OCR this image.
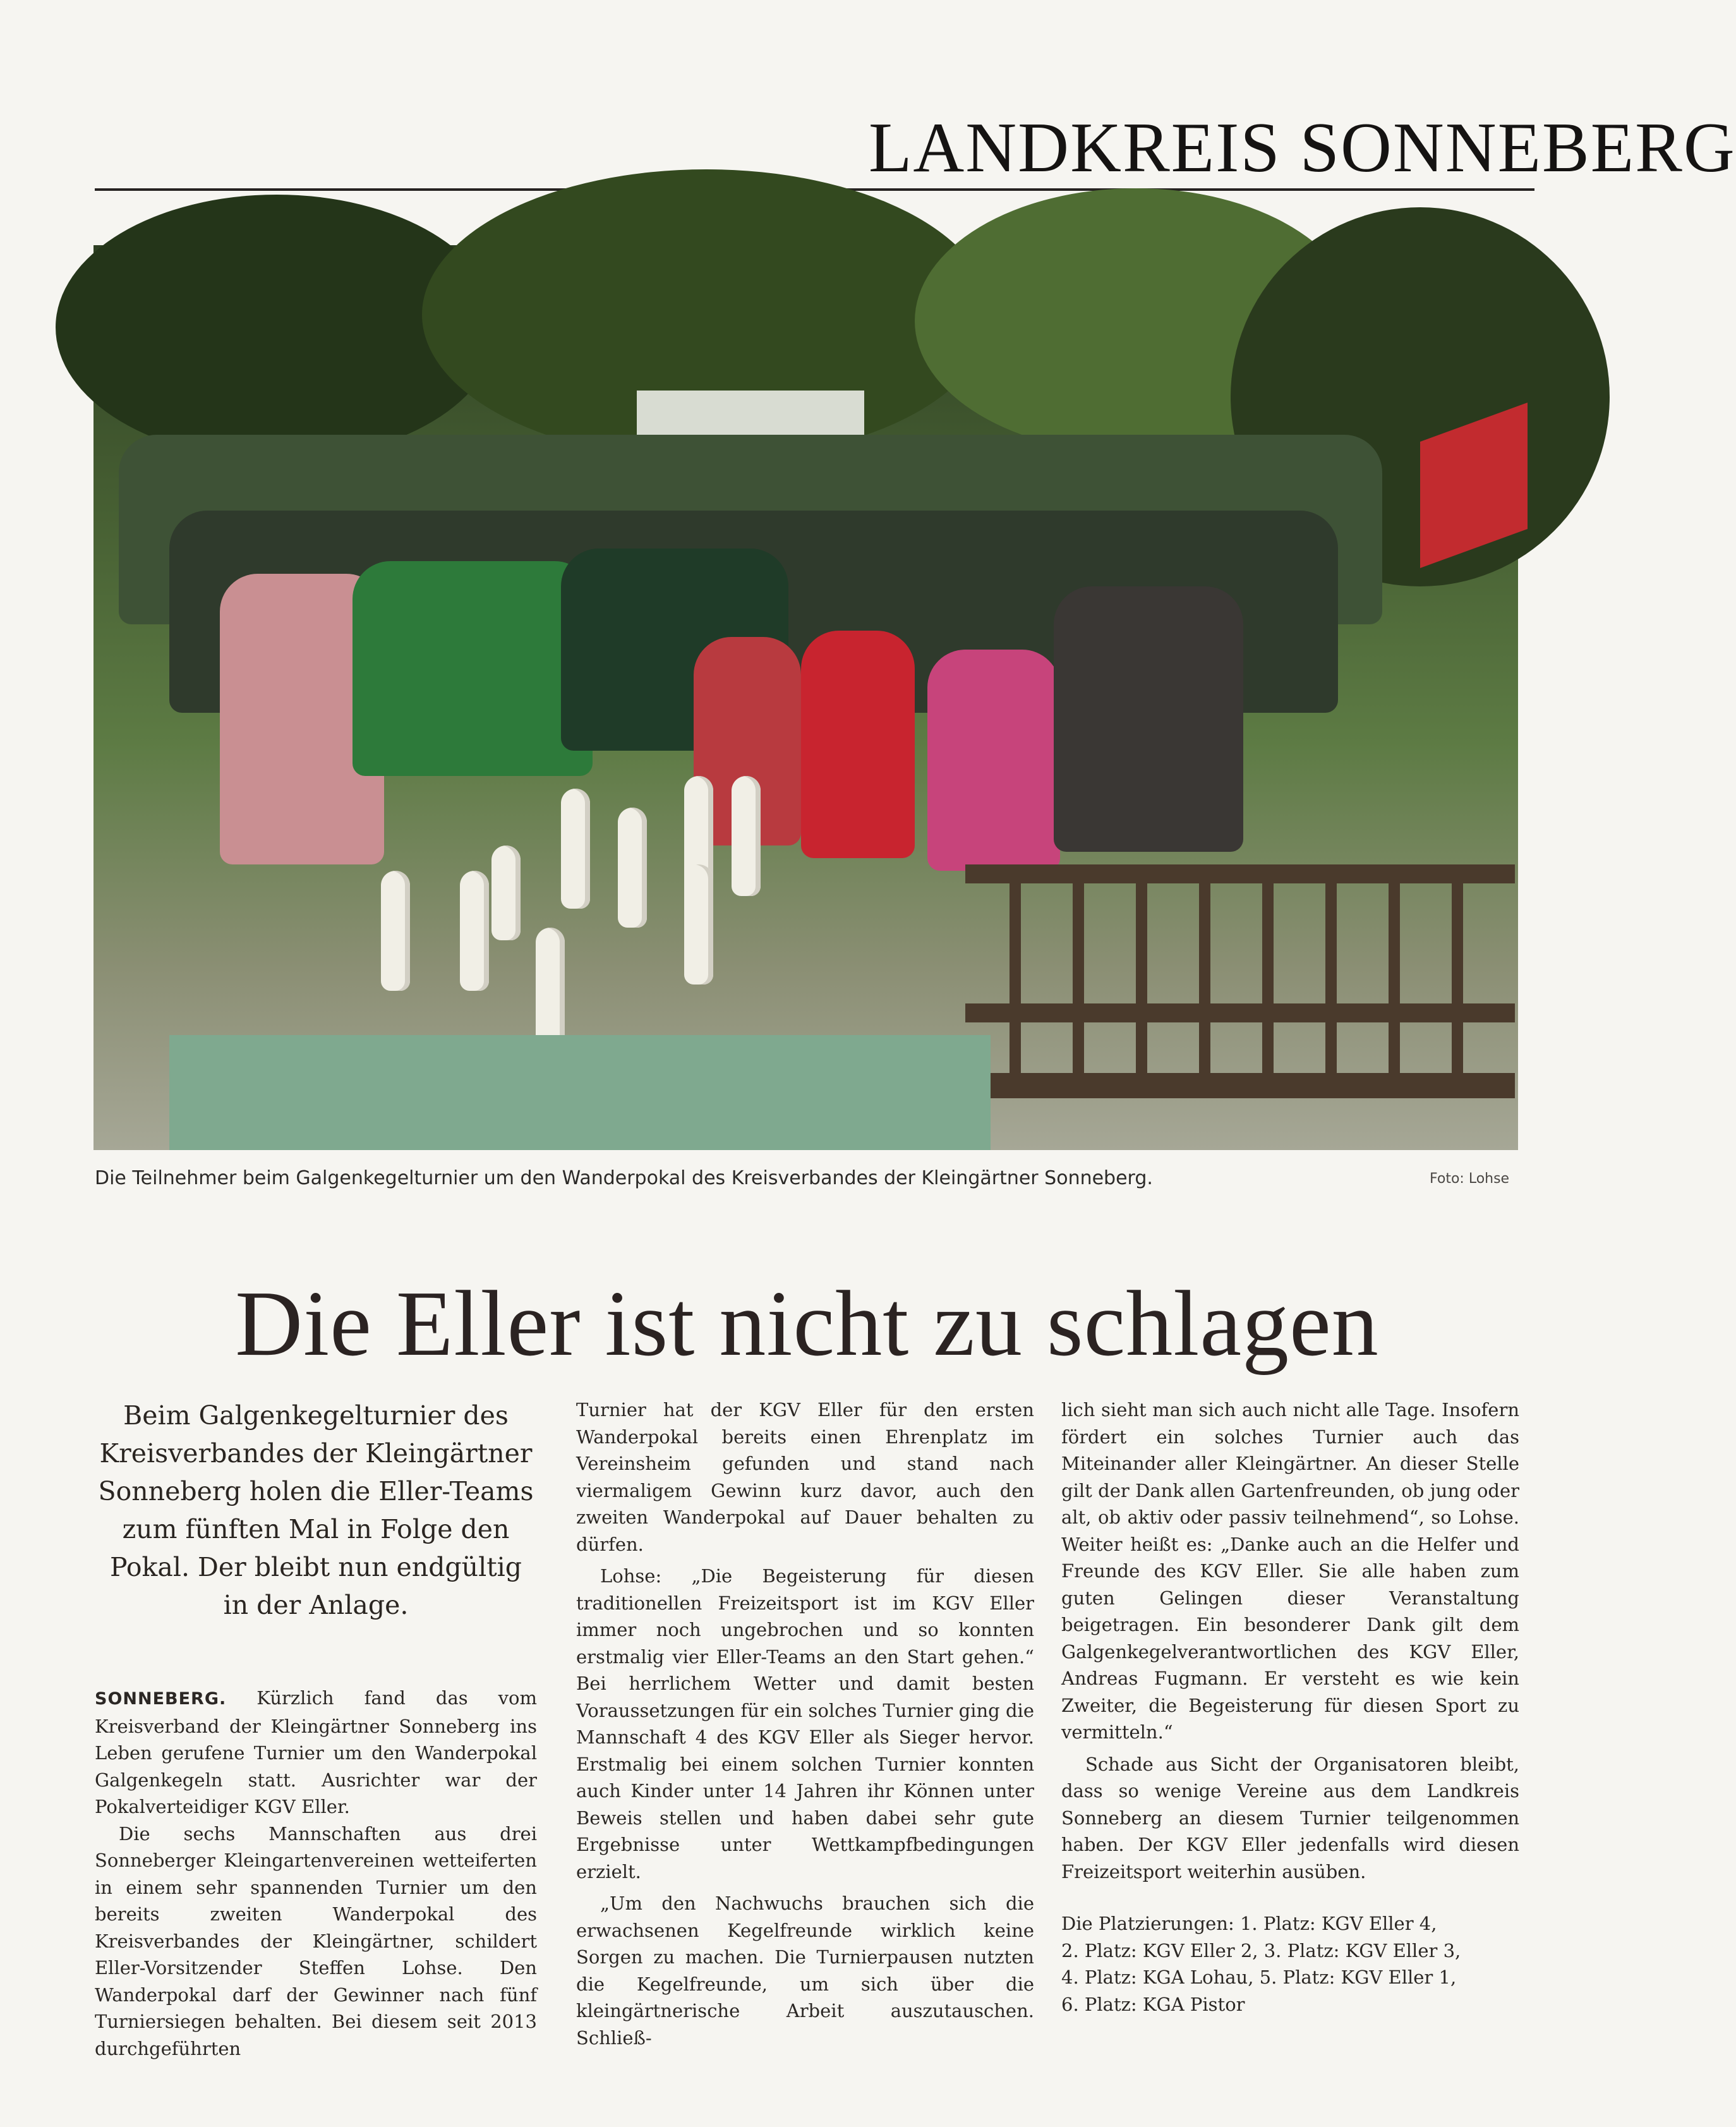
LANDKREIS SONNEBERG
Die Teilnehmer beim Galgenkegelturnier um den Wanderpokal des Kreisverbandes der Kleingärtner Sonneberg.	Foto: Lohse
Die Eller ist nicht zu schlagen
Beim Galgenkegelturnier des Kreisverbandes der Kleingärtner Sonneberg holen die Eller-Teams zum fünften Mal in Folge den Pokal. Der bleibt nun endgültig in der Anlage.

SONNEBERG. Kürzlich fand das vom Kreisverband der Kleingärtner Sonneberg ins Leben gerufene Turnier um den Wanderpokal Galgenkegeln statt. Ausrichter war der Pokalverteidiger KGV Eller.

Die sechs Mannschaften aus drei Sonneberger Kleingartenvereinen wetteiferten in einem sehr spannenden Turnier um den bereits zweiten Wanderpokal des Kreisverbandes der Kleingärtner, schildert Eller-Vorsitzender Steffen Lohse. Den Wanderpokal darf der Gewinner nach fünf Turniersiegen behalten. Bei diesem seit 2013 durchgeführten

Turnier hat der KGV Eller für den ersten Wanderpokal bereits einen Ehrenplatz im Vereinsheim gefunden und stand nach viermaligem Gewinn kurz davor, auch den zweiten Wanderpokal auf Dauer behalten zu dürfen.

Lohse: „Die Begeisterung für diesen traditionellen Freizeitsport ist im KGV Eller immer noch ungebrochen und so konnten erstmalig vier Eller-Teams an den Start gehen.“ Bei herrlichem Wetter und damit besten Voraussetzungen für ein solches Turnier ging die Mannschaft 4 des KGV Eller als Sieger hervor. Erstmalig bei einem solchen Turnier konnten auch Kinder unter 14 Jahren ihr Können unter Beweis stellen und haben dabei sehr gute Ergebnisse unter Wettkampfbedingungen erzielt.

„Um den Nachwuchs brauchen sich die erwachsenen Kegelfreunde wirklich keine Sorgen zu machen. Die Turnierpausen nutzten die Kegelfreunde, um sich über die kleingärtnerische Arbeit auszutauschen. Schließ-

lich sieht man sich auch nicht alle Tage. Insofern fördert ein solches Turnier auch das Miteinander aller Kleingärtner. An dieser Stelle gilt der Dank allen Gartenfreunden, ob jung oder alt, ob aktiv oder passiv teilnehmend“, so Lohse. Weiter heißt es: „Danke auch an die Helfer und Freunde des KGV Eller. Sie alle haben zum guten Gelingen dieser Veranstaltung beigetragen. Ein besonderer Dank gilt dem Galgenkegelverantwortlichen des KGV Eller, Andreas Fugmann. Er versteht es wie kein Zweiter, die Begeisterung für diesen Sport zu vermitteln.“

Schade aus Sicht der Organisatoren bleibt, dass so wenige Vereine aus dem Landkreis Sonneberg an diesem Turnier teilgenommen haben. Der KGV Eller jedenfalls wird diesen Freizeitsport weiterhin ausüben.

Die Platzierungen: 1. Platz: KGV Eller 4,

2. Platz: KGV Eller 2, 3. Platz: KGV Eller 3,

4. Platz: KGA Lohau, 5. Platz: KGV Eller 1,

6. Platz: KGA Pistor
